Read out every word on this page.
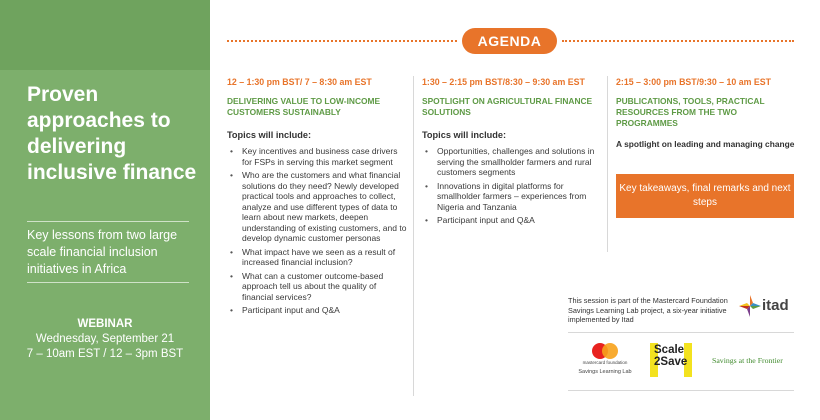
Proven approaches to delivering inclusive finance
Key lessons from two large scale financial inclusion initiatives in Africa
WEBINAR
Wednesday, September 21
7 – 10am EST / 12 – 3pm BST
AGENDA
12 – 1:30 pm BST/ 7 – 8:30 am EST
DELIVERING VALUE TO LOW-INCOME CUSTOMERS SUSTAINABLY
Topics will include:
• Key incentives and business case drivers for FSPs in serving this market segment
• Who are the customers and what financial solutions do they need? Newly developed practical tools and approaches to collect, analyze and use different types of data to learn about new markets, deepen understanding of existing customers, and to develop dynamic customer personas
• What impact have we seen as a result of increased financial inclusion?
• What can a customer outcome-based approach tell us about the quality of financial services?
• Participant input and Q&A
1:30 – 2:15 pm BST/8:30 – 9:30 am EST
SPOTLIGHT ON AGRICULTURAL FINANCE SOLUTIONS
Topics will include:
• Opportunities, challenges and solutions in serving the smallholder farmers and rural customers segments
• Innovations in digital platforms for smallholder farmers – experiences from Nigeria and Tanzania
• Participant input and Q&A
2:15 – 3:00 pm BST/9:30 – 10 am EST
PUBLICATIONS, TOOLS, PRACTICAL RESOURCES FROM THE TWO PROGRAMMES
A spotlight on leading and managing change
Key takeaways, final remarks and next steps
This session is part of the Mastercard Foundation Savings Learning Lab project, a six-year initiative implemented by Itad
itad
mastercard foundation
Savings Learning Lab
Scale
2Save	Savings at the Frontier
